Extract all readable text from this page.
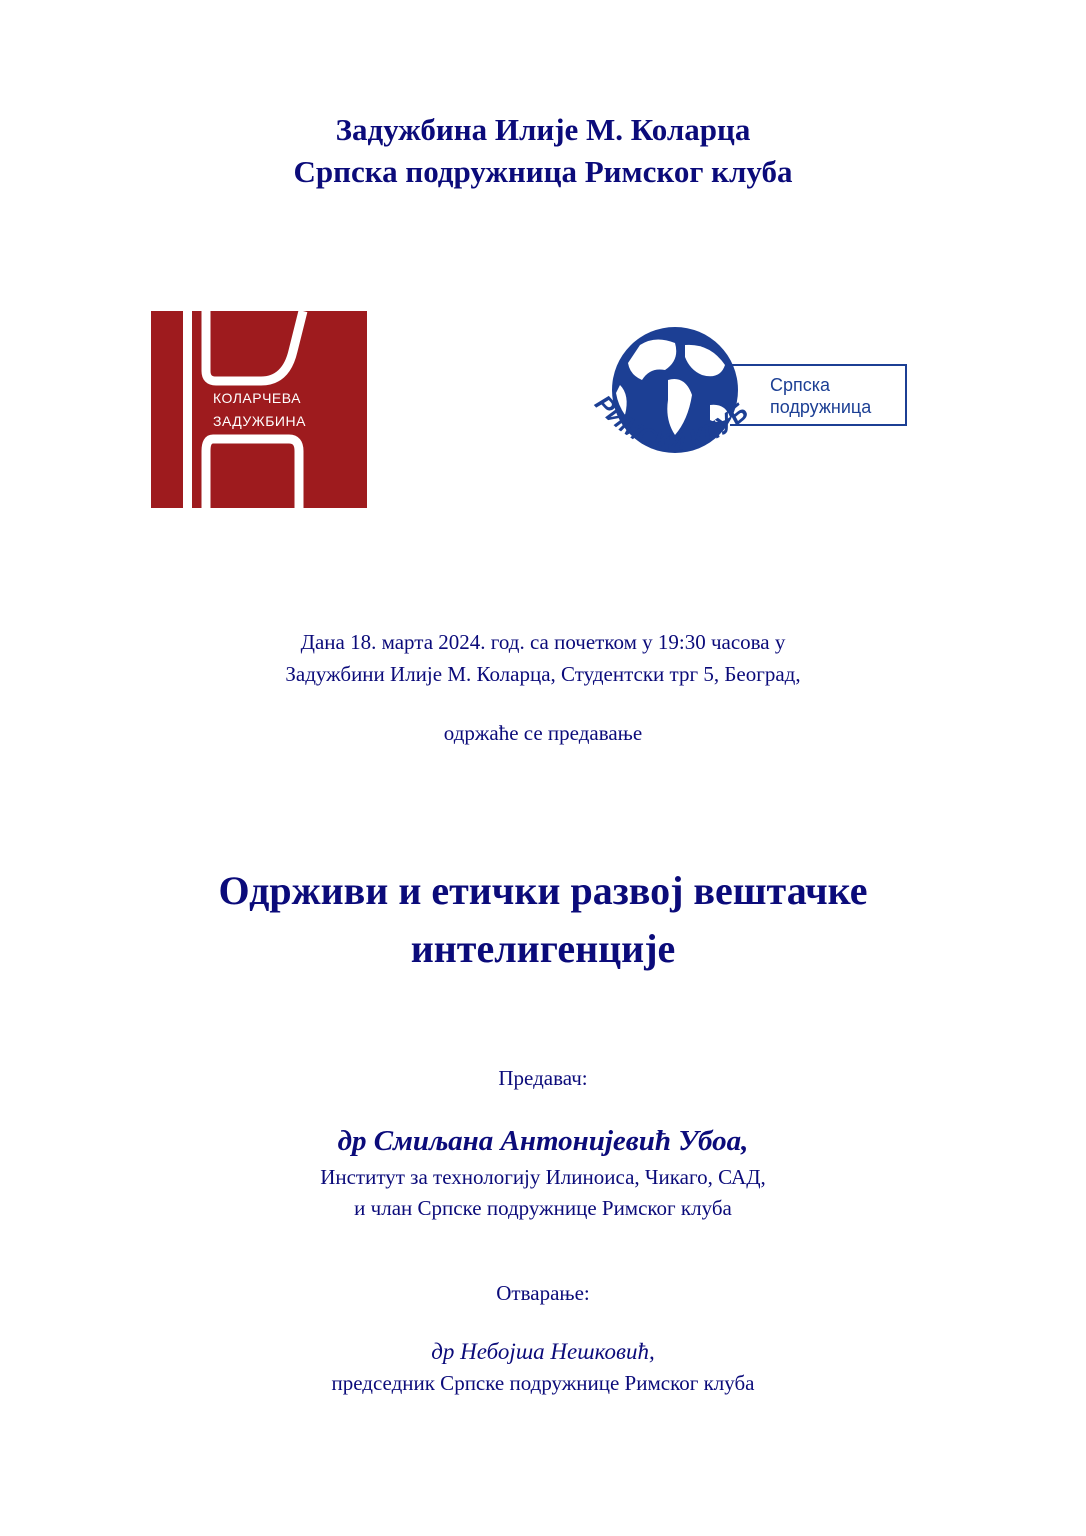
Задужбина Илије М. Коларца
Српска подружница Римског клуба
КОЛАРЧЕВА
ЗАДУЖБИНА	РИМСКИ КЛУБ
Српска
подружница
Дана 18. марта 2024. год. са почетком у 19:30 часова у
Задужбини Илије М. Коларца, Студентски трг 5, Београд,
одржаће се предавање
Одрживи и етички развој вештачке
интелигенције
Предавач:
др Смиљана Антонијевић Убоа,
Институт за технологију Илиноиса, Чикаго, САД,
и члан Српске подружнице Римског клуба
Отварање:
др Небојша Нешковић,
председник Српске подружнице Римског клуба
